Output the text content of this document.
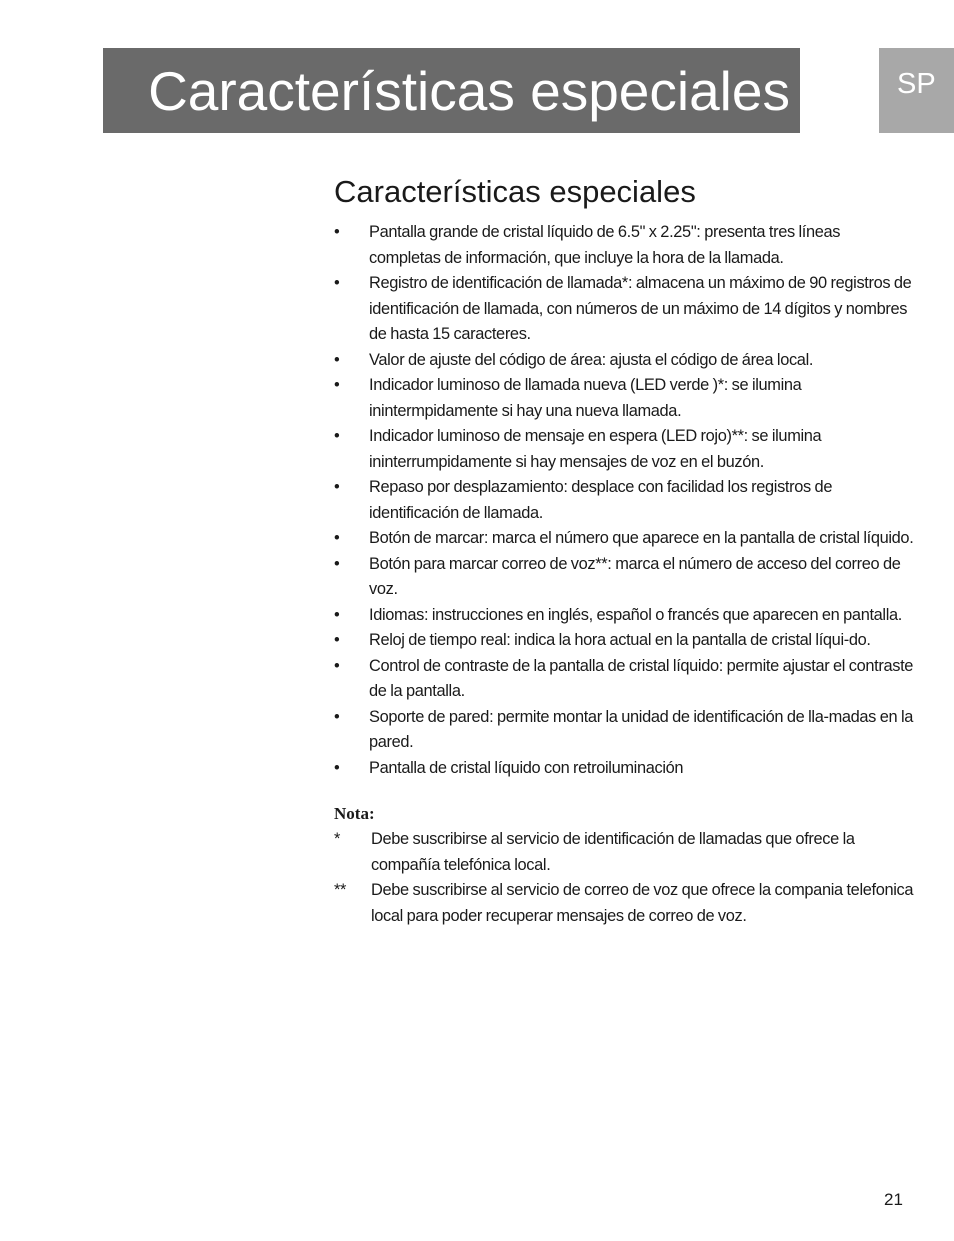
Características especiales	SP
Características especiales
• Pantalla grande de cristal líquido de 6.5" x 2.25": presenta tres líneas completas de información, que incluye la hora de la llamada.
• Registro de identificación de llamada*: almacena un máximo de 90 registros de identificación de llamada, con números de un máximo de 14 dígitos y nombres de hasta 15 caracteres.
• Valor de ajuste del código de área: ajusta el código de área local.
• Indicador luminoso de llamada nueva (LED verde )*: se ilumina inintermpidamente si hay una nueva llamada.
• Indicador luminoso de mensaje en espera (LED rojo)**: se ilumina ininterrumpidamente si hay mensajes de voz en el buzón.
• Repaso por desplazamiento: desplace con facilidad los registros de identificación de llamada.
• Botón de marcar: marca el número que aparece en la pantalla de cristal líquido.
• Botón para marcar correo de voz**: marca el número de acceso del correo de voz.
• Idiomas: instrucciones en inglés, español o francés que aparecen en pantalla.
• Reloj de tiempo real: indica la hora actual en la pantalla de cristal líqui-do.
• Control de contraste de la pantalla de cristal líquido: permite ajustar el contraste de la pantalla.
• Soporte de pared: permite montar la unidad de identificación de lla-madas en la pared.
• Pantalla de cristal líquido con retroiluminación
Nota:
* Debe suscribirse al servicio de identificación de llamadas que ofrece la compañía telefónica local.
** Debe suscribirse al servicio de correo de voz que ofrece la compania telefonica local para poder recuperar mensajes de correo de voz.
21
